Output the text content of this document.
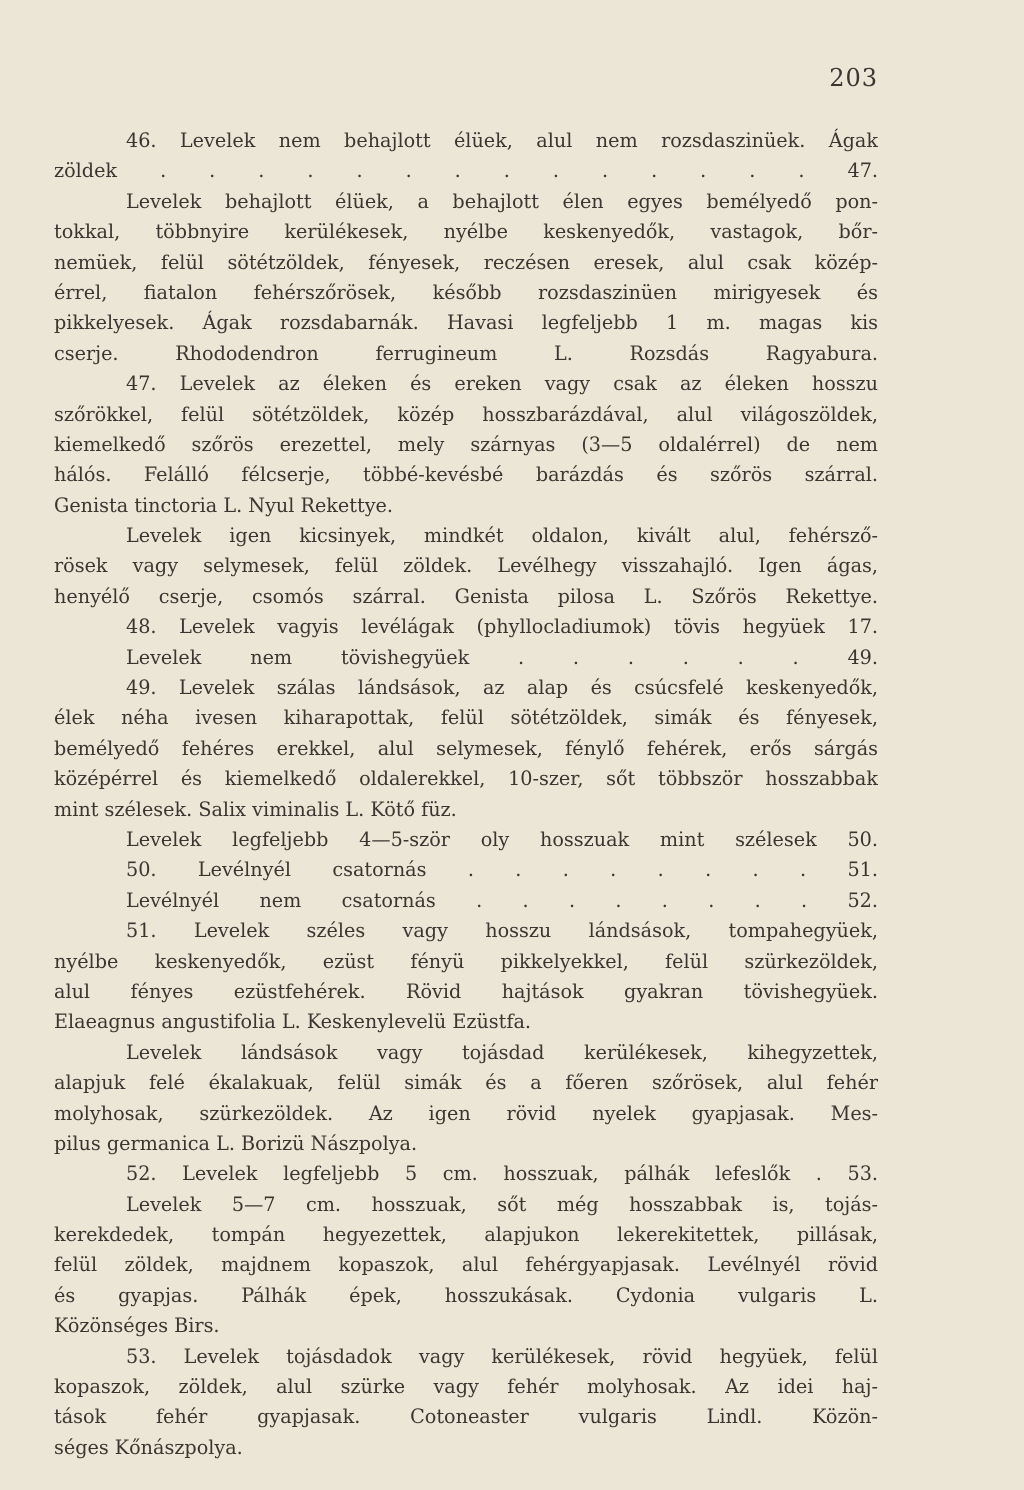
203
46. Levelek nem behajlott élüek, alul nem rozsdaszinüek. Ágak
zöldek . . . . . . . . . . . . . . 47.
Levelek behajlott élüek, a behajlott élen egyes bemélyedő pon-
tokkal, többnyire kerülékesek, nyélbe keskenyedők, vastagok, bőr-
nemüek, felül sötétzöldek, fényesek, reczésen eresek, alul csak közép-
érrel, fiatalon fehérszőrösek, később rozsdaszinüen mirigyesek és
pikkelyesek. Ágak rozsdabarnák. Havasi legfeljebb 1 m. magas kis
cserje. Rhododendron ferrugineum L. Rozsdás Ragyabura.
47. Levelek az éleken és ereken vagy csak az éleken hosszu
szőrökkel, felül sötétzöldek, közép hosszbarázdával, alul világoszöldek,
kiemelkedő szőrös erezettel, mely szárnyas (3—5 oldalérrel) de nem
hálós. Felálló félcserje, többé-kevésbé barázdás és szőrös szárral.
Genista tinctoria L. Nyul Rekettye.
Levelek igen kicsinyek, mindkét oldalon, kivált alul, fehérsző-
rösek vagy selymesek, felül zöldek. Levélhegy visszahajló. Igen ágas,
henyélő cserje, csomós szárral. Genista pilosa L. Szőrös Rekettye.
48. Levelek vagyis levélágak (phyllocladiumok) tövis hegyüek 17.
Levelek nem tövishegyüek . . . . . . 49.
49. Levelek szálas lándsások, az alap és csúcsfelé keskenyedők,
élek néha ivesen kiharapottak, felül sötétzöldek, simák és fényesek,
bemélyedő fehéres erekkel, alul selymesek, fénylő fehérek, erős sárgás
középérrel és kiemelkedő oldalerekkel, 10-szer, sőt többször hosszabbak
mint szélesek. Salix viminalis L. Kötő füz.
Levelek legfeljebb 4—5-ször oly hosszuak mint szélesek 50.
50. Levélnyél csatornás . . . . . . . . 51.
Levélnyél nem csatornás . . . . . . . . 52.
51. Levelek széles vagy hosszu lándsások, tompahegyüek,
nyélbe keskenyedők, ezüst fényü pikkelyekkel, felül szürkezöldek,
alul fényes ezüstfehérek. Rövid hajtások gyakran tövishegyüek.
Elaeagnus angustifolia L. Keskenylevelü Ezüstfa.
Levelek lándsások vagy tojásdad kerülékesek, kihegyzettek,
alapjuk felé ékalakuak, felül simák és a főeren szőrösek, alul fehér
molyhosak, szürkezöldek. Az igen rövid nyelek gyapjasak. Mes-
pilus germanica L. Borizü Nászpolya.
52. Levelek legfeljebb 5 cm. hosszuak, pálhák lefeslők . 53.
Levelek 5—7 cm. hosszuak, sőt még hosszabbak is, tojás-
kerekdedek, tompán hegyezettek, alapjukon lekerekitettek, pillásak,
felül zöldek, majdnem kopaszok, alul fehérgyapjasak. Levélnyél rövid
és gyapjas. Pálhák épek, hosszukásak. Cydonia vulgaris L.
Közönséges Birs.
53. Levelek tojásdadok vagy kerülékesek, rövid hegyüek, felül
kopaszok, zöldek, alul szürke vagy fehér molyhosak. Az idei haj-
tások fehér gyapjasak. Cotoneaster vulgaris Lindl. Közön-
séges Kőnászpolya.
